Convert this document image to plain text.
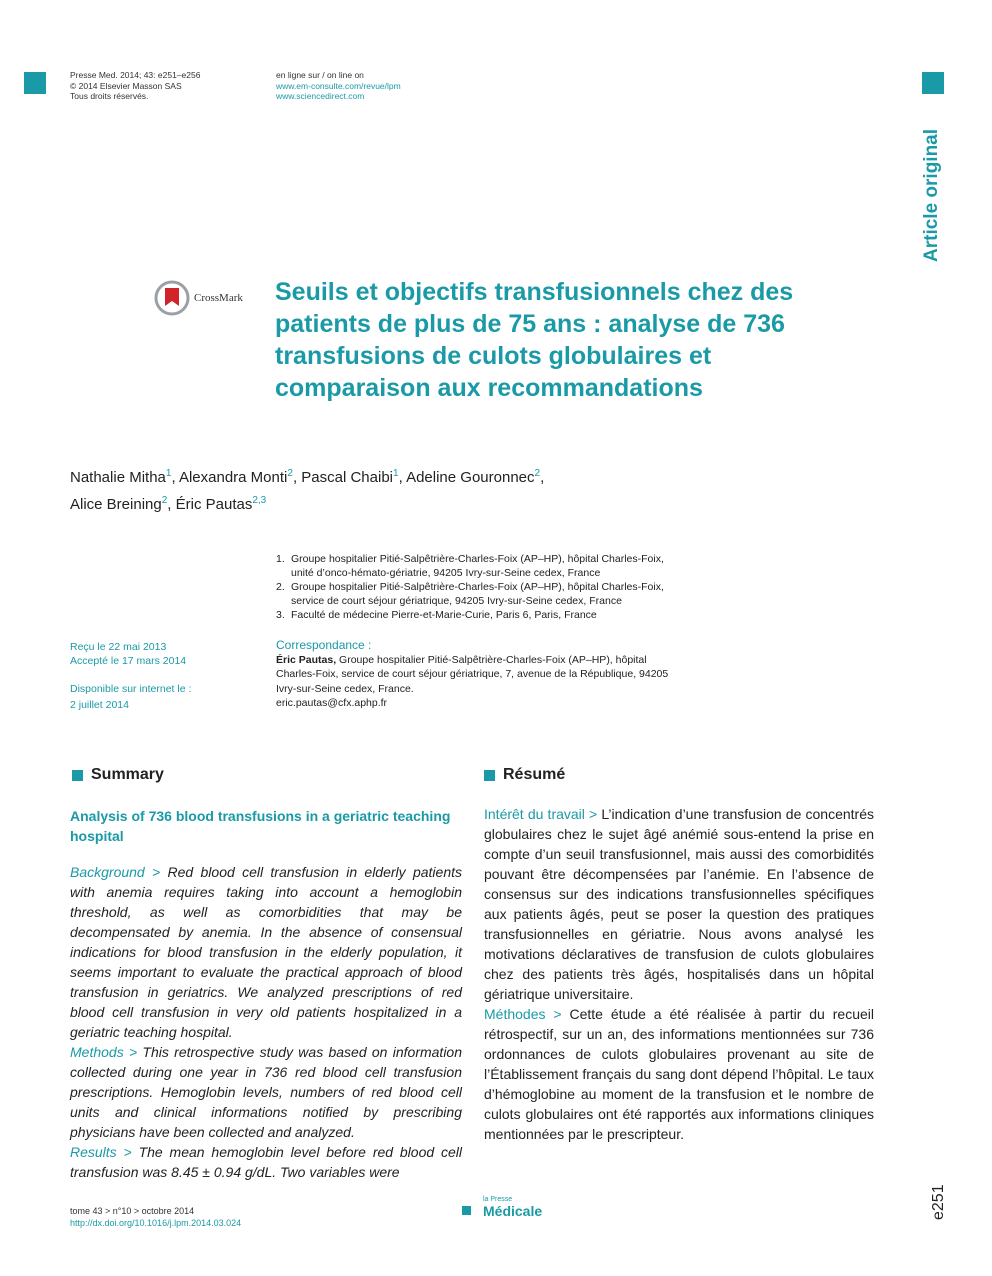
Presse Med. 2014; 43: e251–e256
© 2014 Elsevier Masson SAS
Tous droits réservés.
en ligne sur / on line on
www.em-consulte.com/revue/lpm
www.sciencedirect.com
Article original
CrossMark Seuils et objectifs transfusionnels chez des patients de plus de 75 ans : analyse de 736 transfusions de culots globulaires et comparaison aux recommandations
Nathalie Mitha$^1$, Alexandra Monti$^2$, Pascal Chaibi$^1$, Adeline Gouronnec$^2$,
Alice Breining$^2$, Éric Pautas$^{2,3}$
1. Groupe hospitalier Pitié-Salpêtrière-Charles-Foix (AP–HP), hôpital Charles-Foix,
unité d’onco-hémato-gériatrie, 94205 Ivry-sur-Seine cedex, France
2. Groupe hospitalier Pitié-Salpêtrière-Charles-Foix (AP–HP), hôpital Charles-Foix,
service de court séjour gériatrique, 94205 Ivry-sur-Seine cedex, France
3. Faculté de médecine Pierre-et-Marie-Curie, Paris 6, Paris, France
Reçu le 22 mai 2013
Accepté le 17 mars 2014
Disponible sur internet le :
2 juillet 2014
Correspondance :
Éric Pautas, Groupe hospitalier Pitié-Salpêtrière-Charles-Foix (AP–HP), hôpital
Charles-Foix, service de court séjour gériatrique, 7, avenue de la République, 94205
Ivry-sur-Seine cedex, France.
eric.pautas@cfx.aphp.fr
Summary
Analysis of 736 blood transfusions in a geriatric teaching hospital

Background > Red blood cell transfusion in elderly patients with anemia requires taking into account a hemoglobin threshold, as well as comorbidities that may be decompensated by anemia. In the absence of consensual indications for blood transfusion in the elderly population, it seems important to evaluate the practical approach of blood transfusion in geriatrics. We analyzed prescriptions of red blood cell transfusion in very old patients hospitalized in a geriatric teaching hospital.

Methods > This retrospective study was based on information collected during one year in 736 red blood cell transfusion prescriptions. Hemoglobin levels, numbers of red blood cell units and clinical informations notified by prescribing physicians have been collected and analyzed.

Results > The mean hemoglobin level before red blood cell transfusion was 8.45 ± 0.94 g/dL. Two variables were

Résumé

Intérêt du travail > L’indication d’une transfusion de concentrés globulaires chez le sujet âgé anémié sous-entend la prise en compte d’un seuil transfusionnel, mais aussi des comorbidités pouvant être décompensées par l’anémie. En l’absence de consensus sur des indications transfusionnelles spécifiques aux patients âgés, peut se poser la question des pratiques transfusionnelles en gériatrie. Nous avons analysé les motivations déclaratives de transfusion de culots globulaires chez des patients très âgés, hospitalisés dans un hôpital gériatrique universitaire.

Méthodes > Cette étude a été réalisée à partir du recueil rétrospectif, sur un an, des informations mentionnées sur 736 ordonnances de culots globulaires provenant au site de l’Établissement français du sang dont dépend l’hôpital. Le taux d’hémoglobine au moment de la transfusion et le nombre de culots globulaires ont été rapportés aux informations cliniques mentionnées par le prescripteur.

tome 43 > n°10 > octobre 2014
http://dx.doi.org/10.1016/j.lpm.2014.03.024
la Presse
Médicale	e251
